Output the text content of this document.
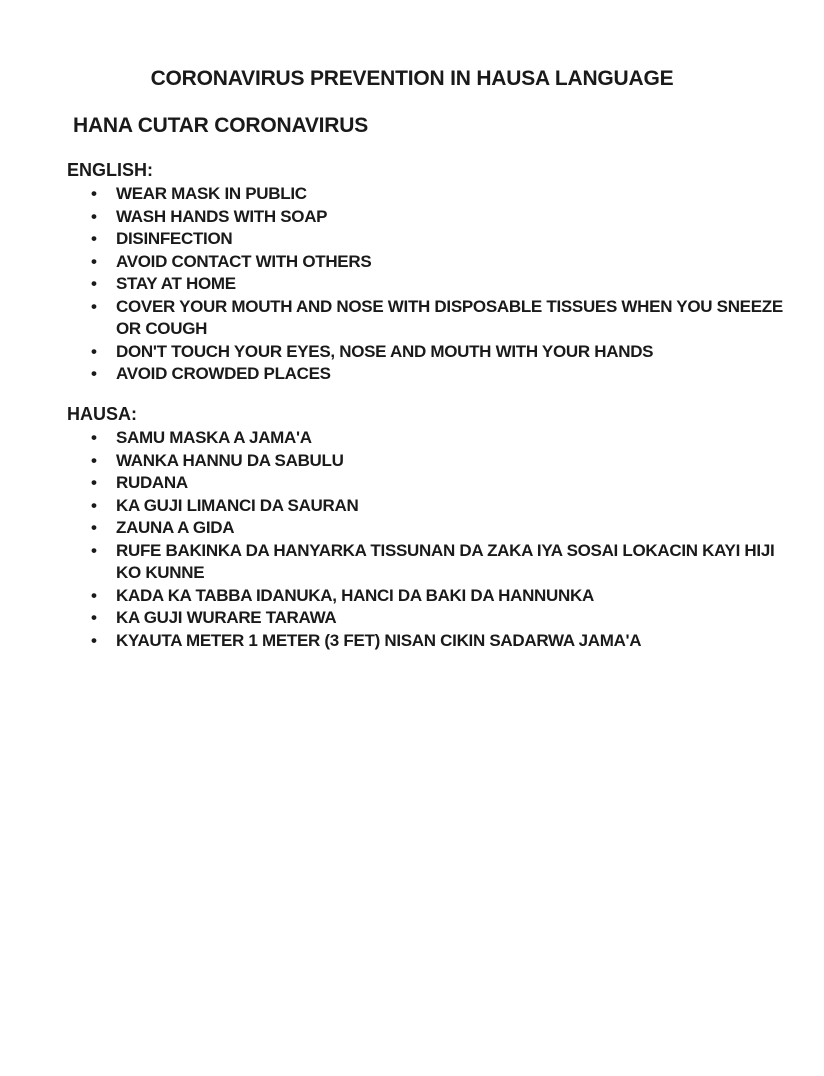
CORONAVIRUS PREVENTION IN HAUSA LANGUAGE
HANA CUTAR CORONAVIRUS
ENGLISH:
• WEAR MASK IN PUBLIC
• WASH HANDS WITH SOAP
• DISINFECTION
• AVOID CONTACT WITH OTHERS
• STAY AT HOME
• COVER YOUR MOUTH AND NOSE WITH DISPOSABLE TISSUES WHEN YOU SNEEZE OR COUGH
• DON'T TOUCH YOUR EYES, NOSE AND MOUTH WITH YOUR HANDS
• AVOID CROWDED PLACES
HAUSA:
• SAMU MASKA A JAMA'A
• WANKA HANNU DA SABULU
• RUDANA
• KA GUJI LIMANCI DA SAURAN
• ZAUNA A GIDA
• RUFE BAKINKA DA HANYARKA TISSUNAN DA ZAKA IYA SOSAI LOKACIN KAYI HIJI KO KUNNE
• KADA KA TABBA IDANUKA, HANCI DA BAKI DA HANNUNKA
• KA GUJI WURARE TARAWA
• KYAUTA METER 1 METER (3 FET) NISAN CIKIN SADARWA JAMA'A
